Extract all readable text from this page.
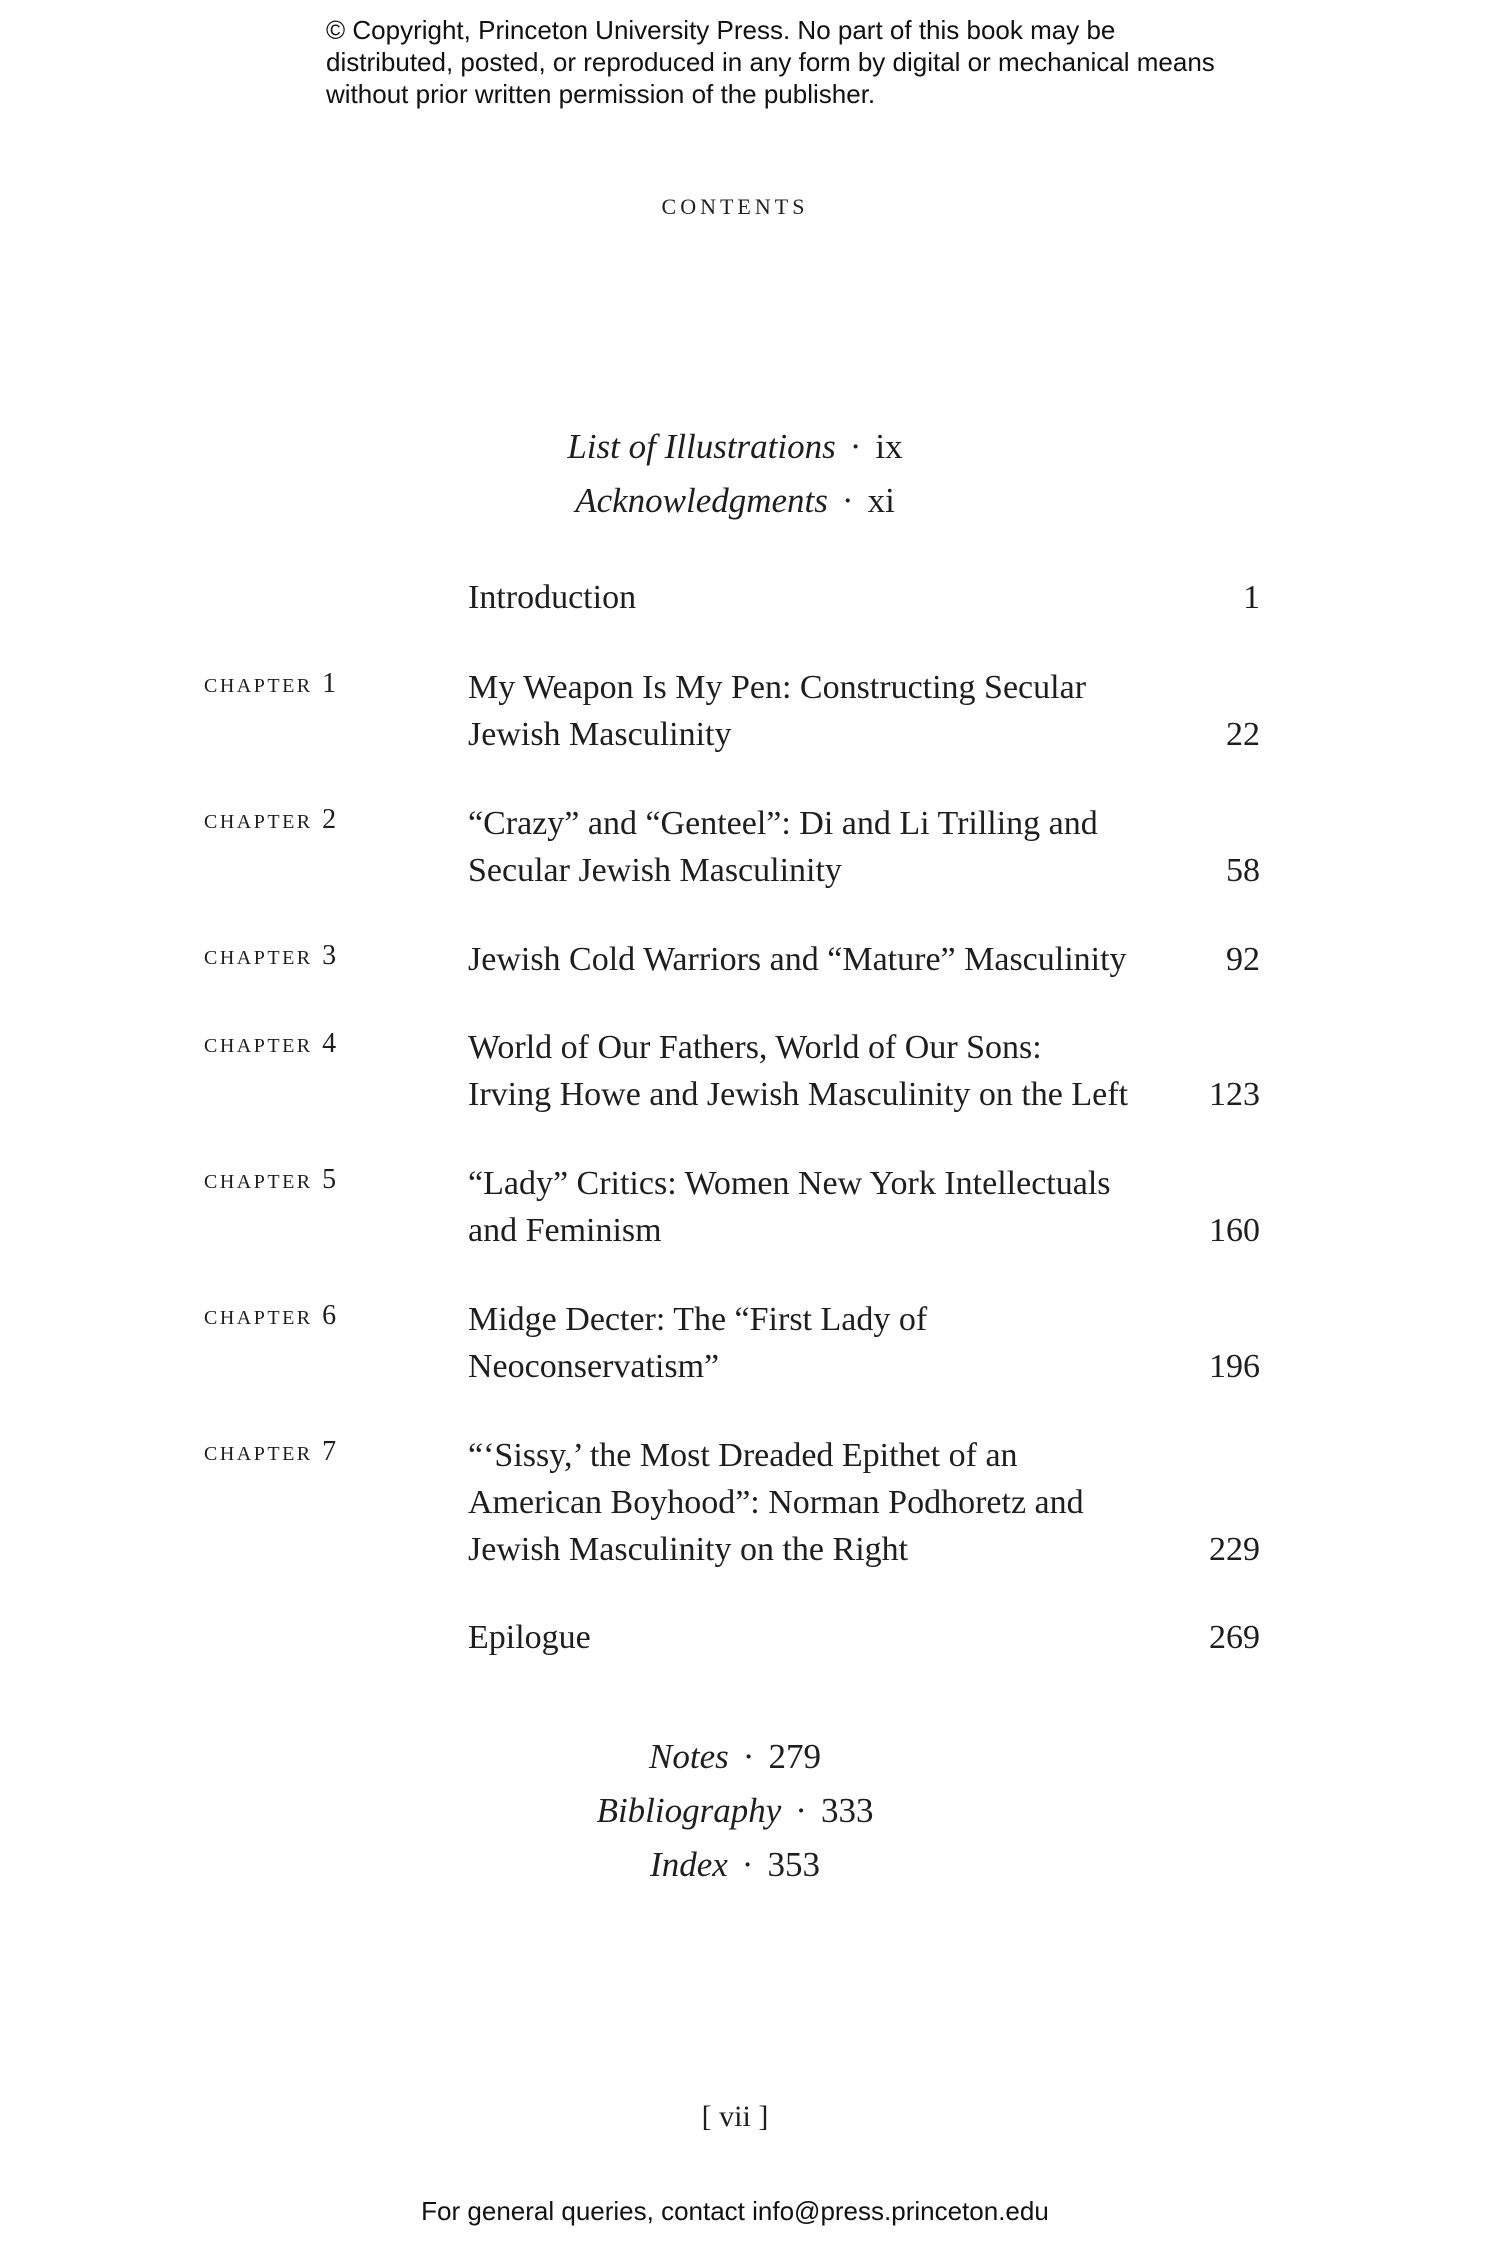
© Copyright, Princeton University Press. No part of this book may be distributed, posted, or reproduced in any form by digital or mechanical means without prior written permission of the publisher.

contents
List of Illustrations · ix
Acknowledgments · xi
Introduction	1
chapter 1	My Weapon Is My Pen: Constructing Secular
Jewish Masculinity	22
chapter 2	“Crazy” and “Genteel”: Di and Li Trilling and
Secular Jewish Masculinity	58
chapter 3	Jewish Cold Warriors and “Mature” Masculinity	92
chapter 4	World of Our Fathers, World of Our Sons:
Irving Howe and Jewish Masculinity on the Left	123
chapter 5	“Lady” Critics: Women New York Intellectuals
and Feminism	160
chapter 6	Midge Decter: The “First Lady of
Neoconservatism”	196
chapter 7	“‘Sissy,’ the Most Dreaded Epithet of an
American Boyhood”: Norman Podhoretz and
Jewish Masculinity on the Right	229
Epilogue	269
Notes · 279
Bibliography · 333
Index · 353
[ vii ]
For general queries, contact info@press.princeton.edu
